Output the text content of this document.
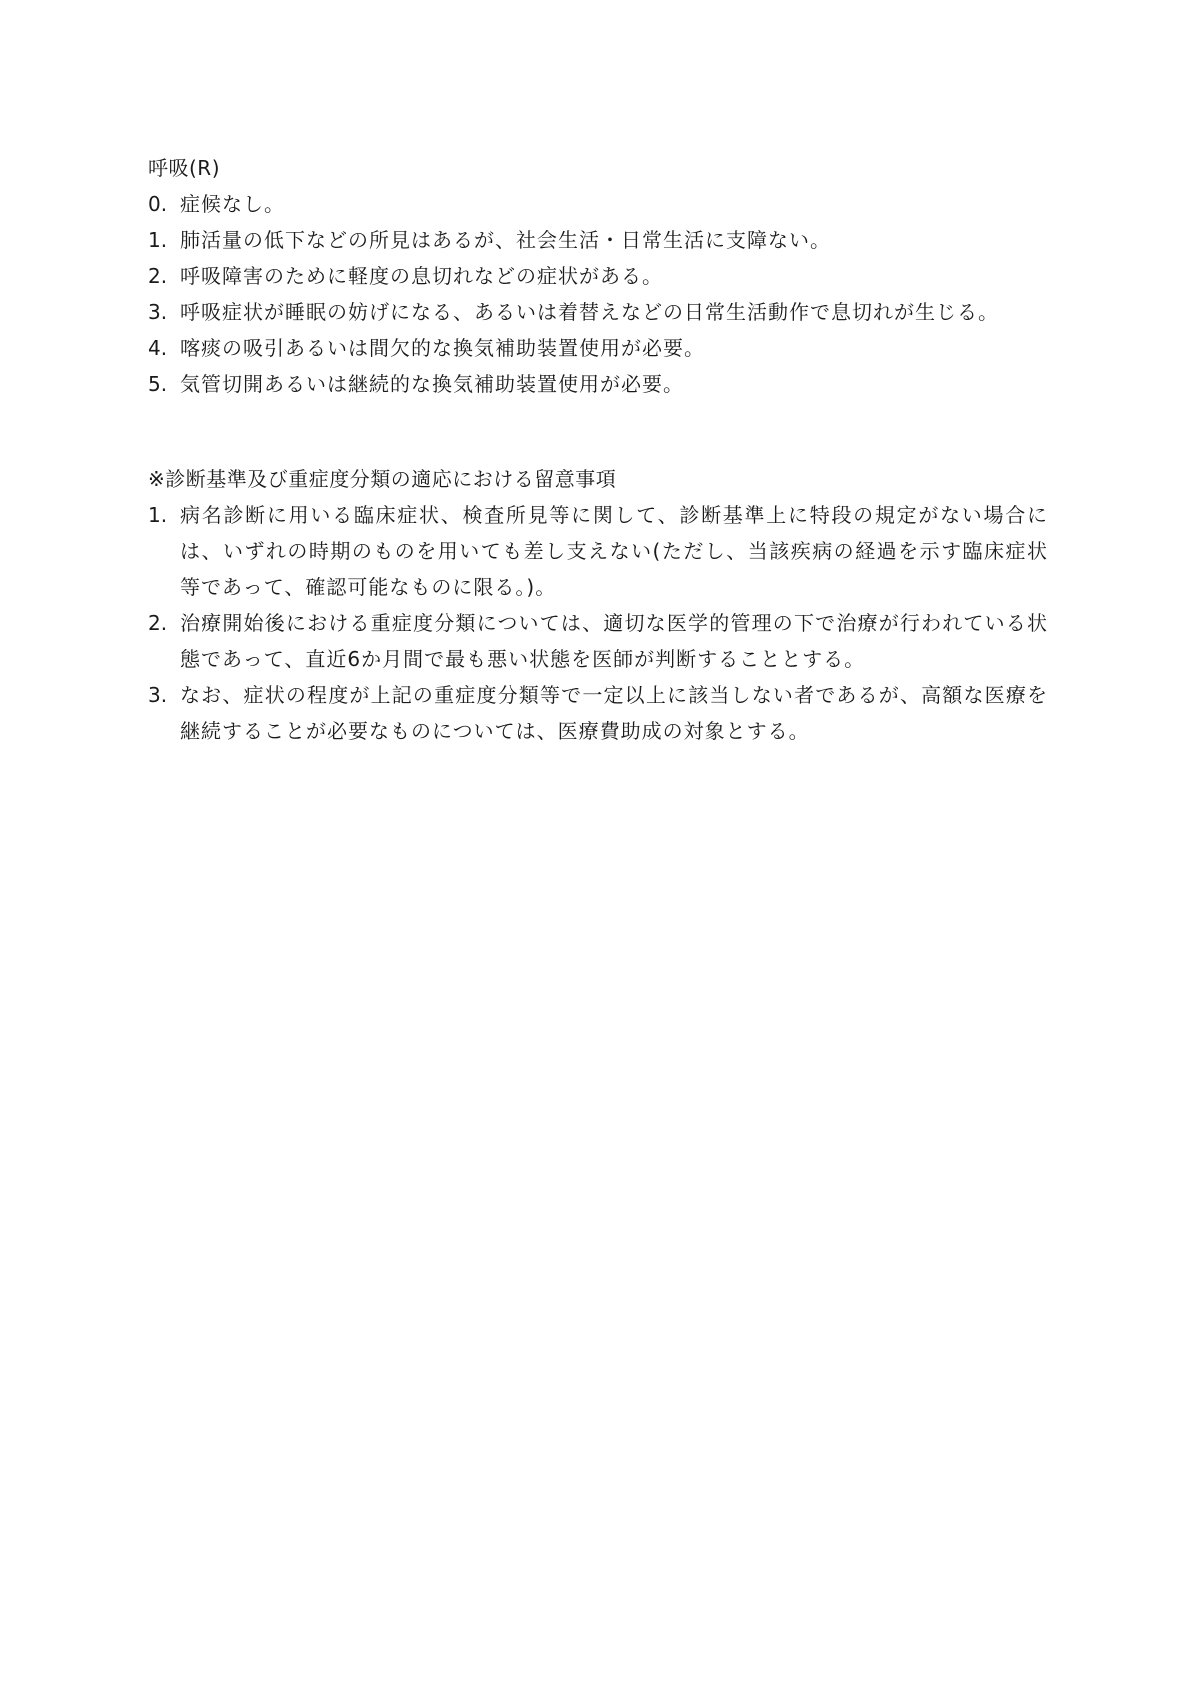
呼吸(R)
0. 症候なし。
1. 肺活量の低下などの所見はあるが、社会生活・日常生活に支障ない。
2. 呼吸障害のために軽度の息切れなどの症状がある。
3. 呼吸症状が睡眠の妨げになる、あるいは着替えなどの日常生活動作で息切れが生じる。
4. 喀痰の吸引あるいは間欠的な換気補助装置使用が必要。
5. 気管切開あるいは継続的な換気補助装置使用が必要。
※診断基準及び重症度分類の適応における留意事項
1. 病名診断に用いる臨床症状、検査所見等に関して、診断基準上に特段の規定がない場合には、いずれの時期のものを用いても差し支えない(ただし、当該疾病の経過を示す臨床症状等であって、確認可能なものに限る。)。
2. 治療開始後における重症度分類については、適切な医学的管理の下で治療が行われている状態であって、直近6か月間で最も悪い状態を医師が判断することとする。
3. なお、症状の程度が上記の重症度分類等で一定以上に該当しない者であるが、高額な医療を継続することが必要なものについては、医療費助成の対象とする。
